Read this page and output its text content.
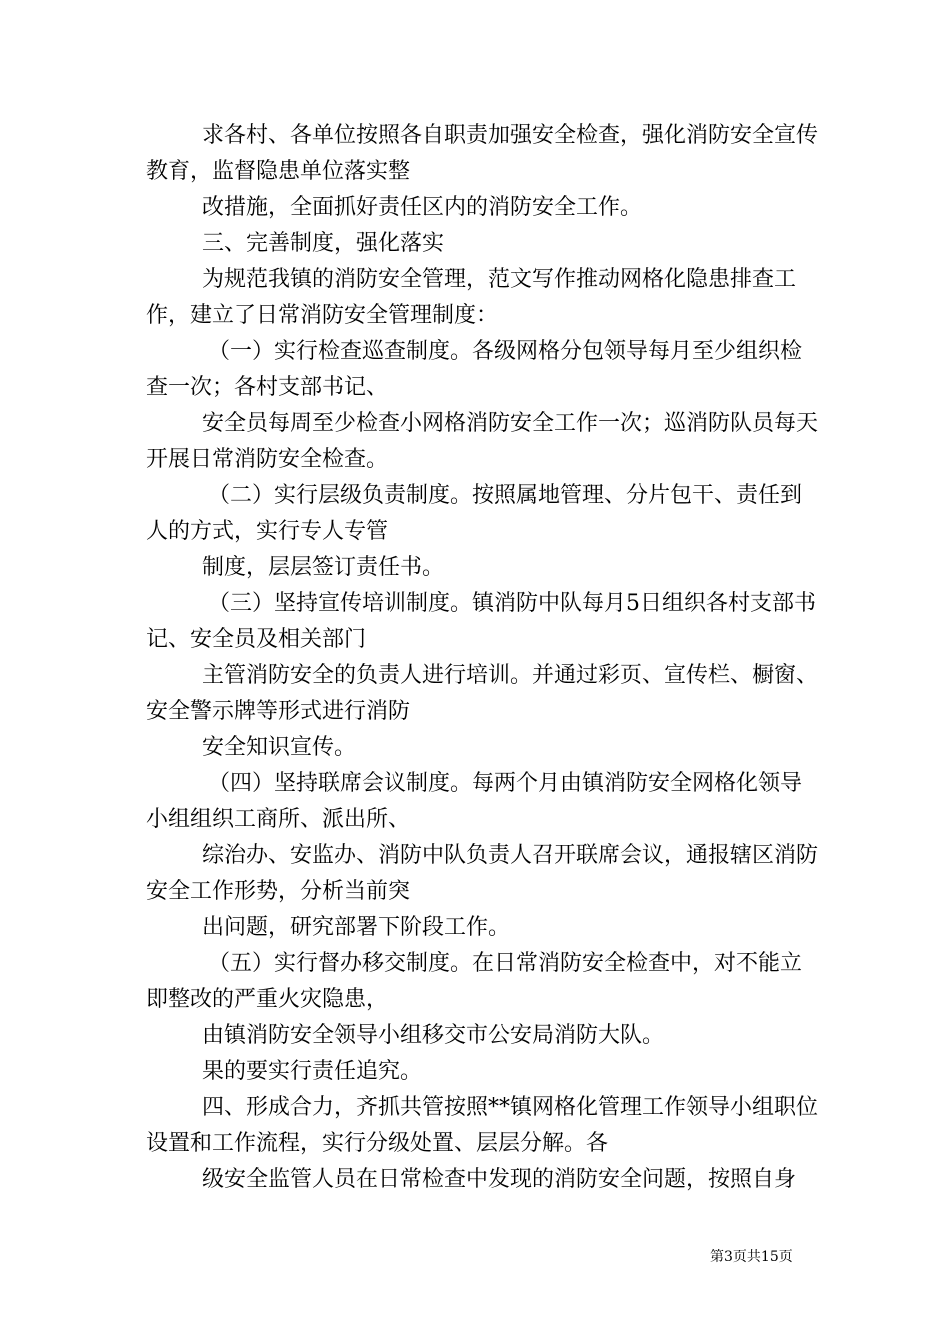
求各村、各单位按照各自职责加强安全检查，强化消防安全宣传教育，监督隐患单位落实整

改措施，全面抓好责任区内的消防安全工作。

三、完善制度，强化落实

为规范我镇的消防安全管理，范文写作推动网格化隐患排查工作，建立了日常消防安全管理制度：

（一）实行检查巡查制度。各级网格分包领导每月至少组织检查一次；各村支部书记、

安全员每周至少检查小网格消防安全工作一次；巡消防队员每天开展日常消防安全检查。

（二）实行层级负责制度。按照属地管理、分片包干、责任到人的方式，实行专人专管

制度，层层签订责任书。

（三）坚持宣传培训制度。镇消防中队每月5日组织各村支部书记、安全员及相关部门

主管消防安全的负责人进行培训。并通过彩页、宣传栏、橱窗、安全警示牌等形式进行消防

安全知识宣传。

（四）坚持联席会议制度。每两个月由镇消防安全网格化领导小组组织工商所、派出所、

综治办、安监办、消防中队负责人召开联席会议，通报辖区消防安全工作形势，分析当前突

出问题，研究部署下阶段工作。

（五）实行督办移交制度。在日常消防安全检查中，对不能立即整改的严重火灾隐患，

由镇消防安全领导小组移交市公安局消防大队。

果的要实行责任追究。

四、形成合力，齐抓共管按照**镇网格化管理工作领导小组职位设置和工作流程，实行分级处置、层层分解。各

级安全监管人员在日常检查中发现的消防安全问题，按照自身

第3页共15页
